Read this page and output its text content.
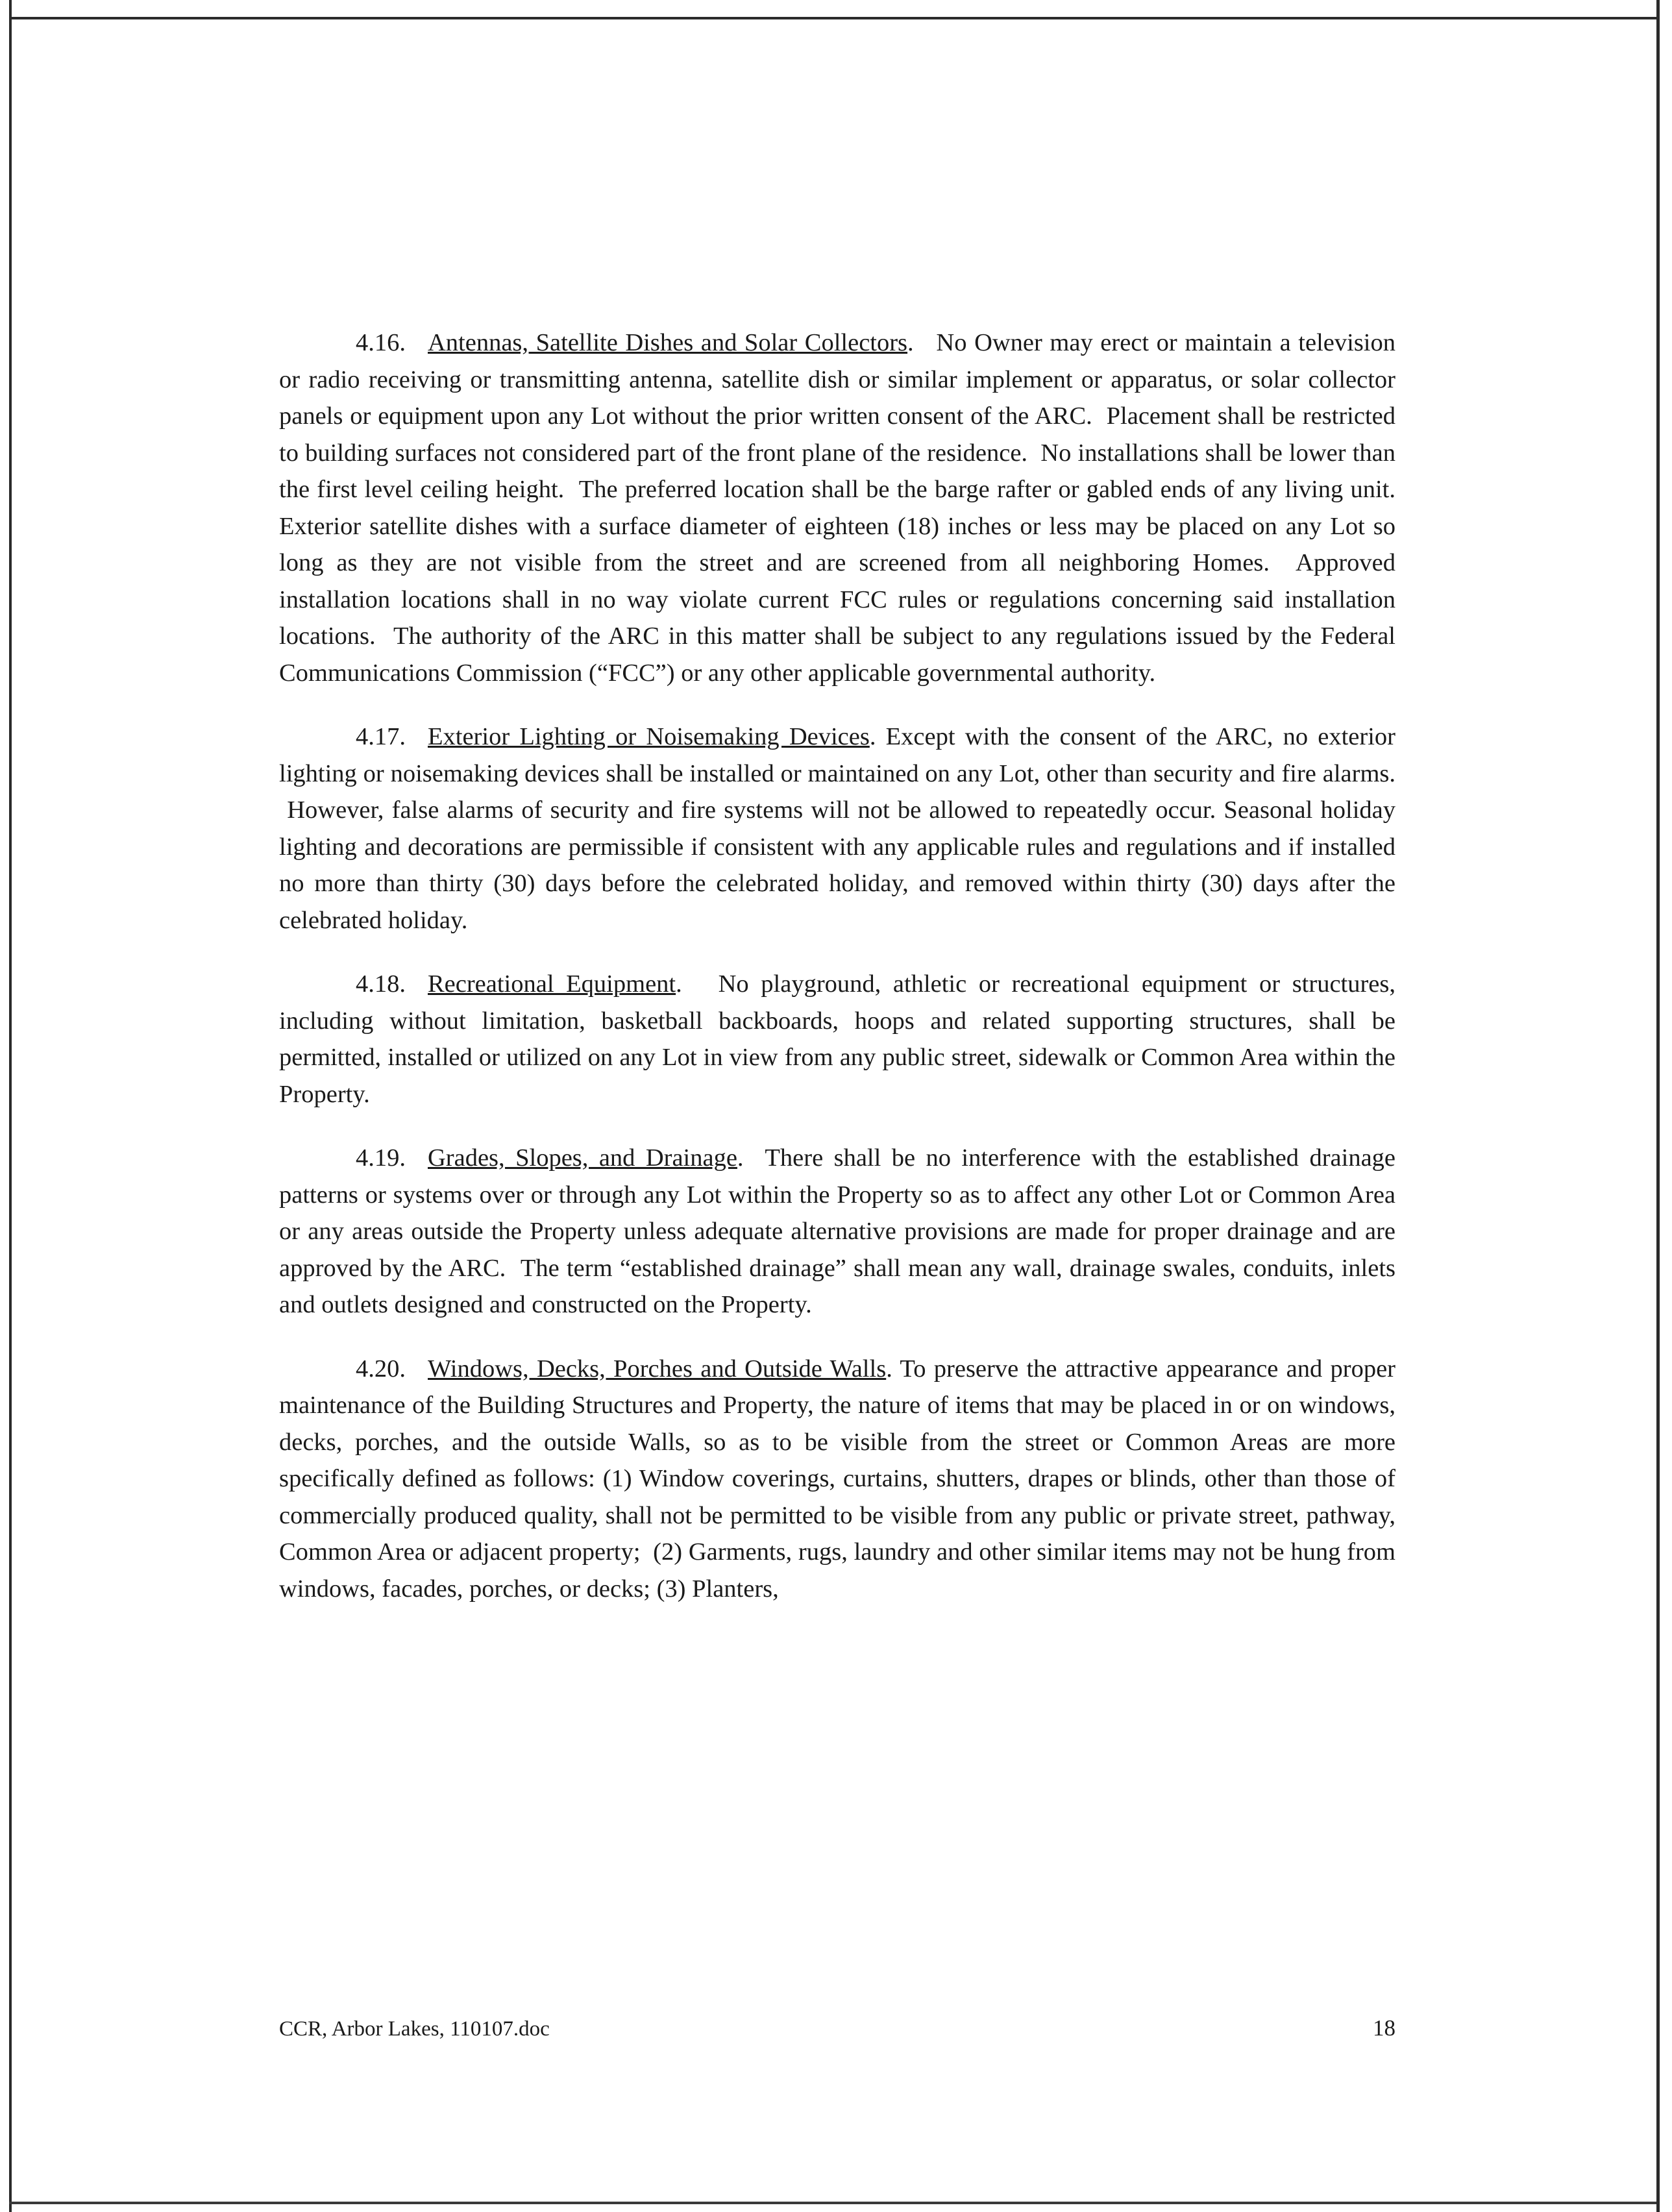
4.16. Antennas, Satellite Dishes and Solar Collectors.   No Owner may erect or maintain a television or radio receiving or transmitting antenna, satellite dish or similar implement or apparatus, or solar collector panels or equipment upon any Lot without the prior written consent of the ARC.  Placement shall be restricted to building surfaces not considered part of the front plane of the residence.  No installations shall be lower than the first level ceiling height.  The preferred location shall be the barge rafter or gabled ends of any living unit. Exterior satellite dishes with a surface diameter of eighteen (18) inches or less may be placed on any Lot so long as they are not visible from the street and are screened from all neighboring Homes.  Approved installation locations shall in no way violate current FCC rules or regulations concerning said installation locations.  The authority of the ARC in this matter shall be subject to any regulations issued by the Federal Communications Commission (“FCC”) or any other applicable governmental authority.

4.17. Exterior Lighting or Noisemaking Devices. Except with the consent of the ARC, no exterior lighting or noisemaking devices shall be installed or maintained on any Lot, other than security and fire alarms.  However, false alarms of security and fire systems will not be allowed to repeatedly occur. Seasonal holiday lighting and decorations are permissible if consistent with any applicable rules and regulations and if installed no more than thirty (30) days before the celebrated holiday, and removed within thirty (30) days after the celebrated holiday.

4.18. Recreational Equipment.   No playground, athletic or recreational equipment or structures, including without limitation, basketball backboards, hoops and related supporting structures, shall be permitted, installed or utilized on any Lot in view from any public street, sidewalk or Common Area within the Property.

4.19. Grades, Slopes, and Drainage.  There shall be no interference with the established drainage patterns or systems over or through any Lot within the Property so as to affect any other Lot or Common Area or any areas outside the Property unless adequate alternative provisions are made for proper drainage and are approved by the ARC.  The term “established drainage” shall mean any wall, drainage swales, conduits, inlets and outlets designed and constructed on the Property.

4.20. Windows, Decks, Porches and Outside Walls. To preserve the attractive appearance and proper maintenance of the Building Structures and Property, the nature of items that may be placed in or on windows, decks, porches, and the outside Walls, so as to be visible from the street or Common Areas are more specifically defined as follows: (1) Window coverings, curtains, shutters, drapes or blinds, other than those of commercially produced quality, shall not be permitted to be visible from any public or private street, pathway, Common Area or adjacent property;  (2) Garments, rugs, laundry and other similar items may not be hung from windows, facades, porches, or decks; (3) Planters,

CCR, Arbor Lakes, 110107.doc	18
